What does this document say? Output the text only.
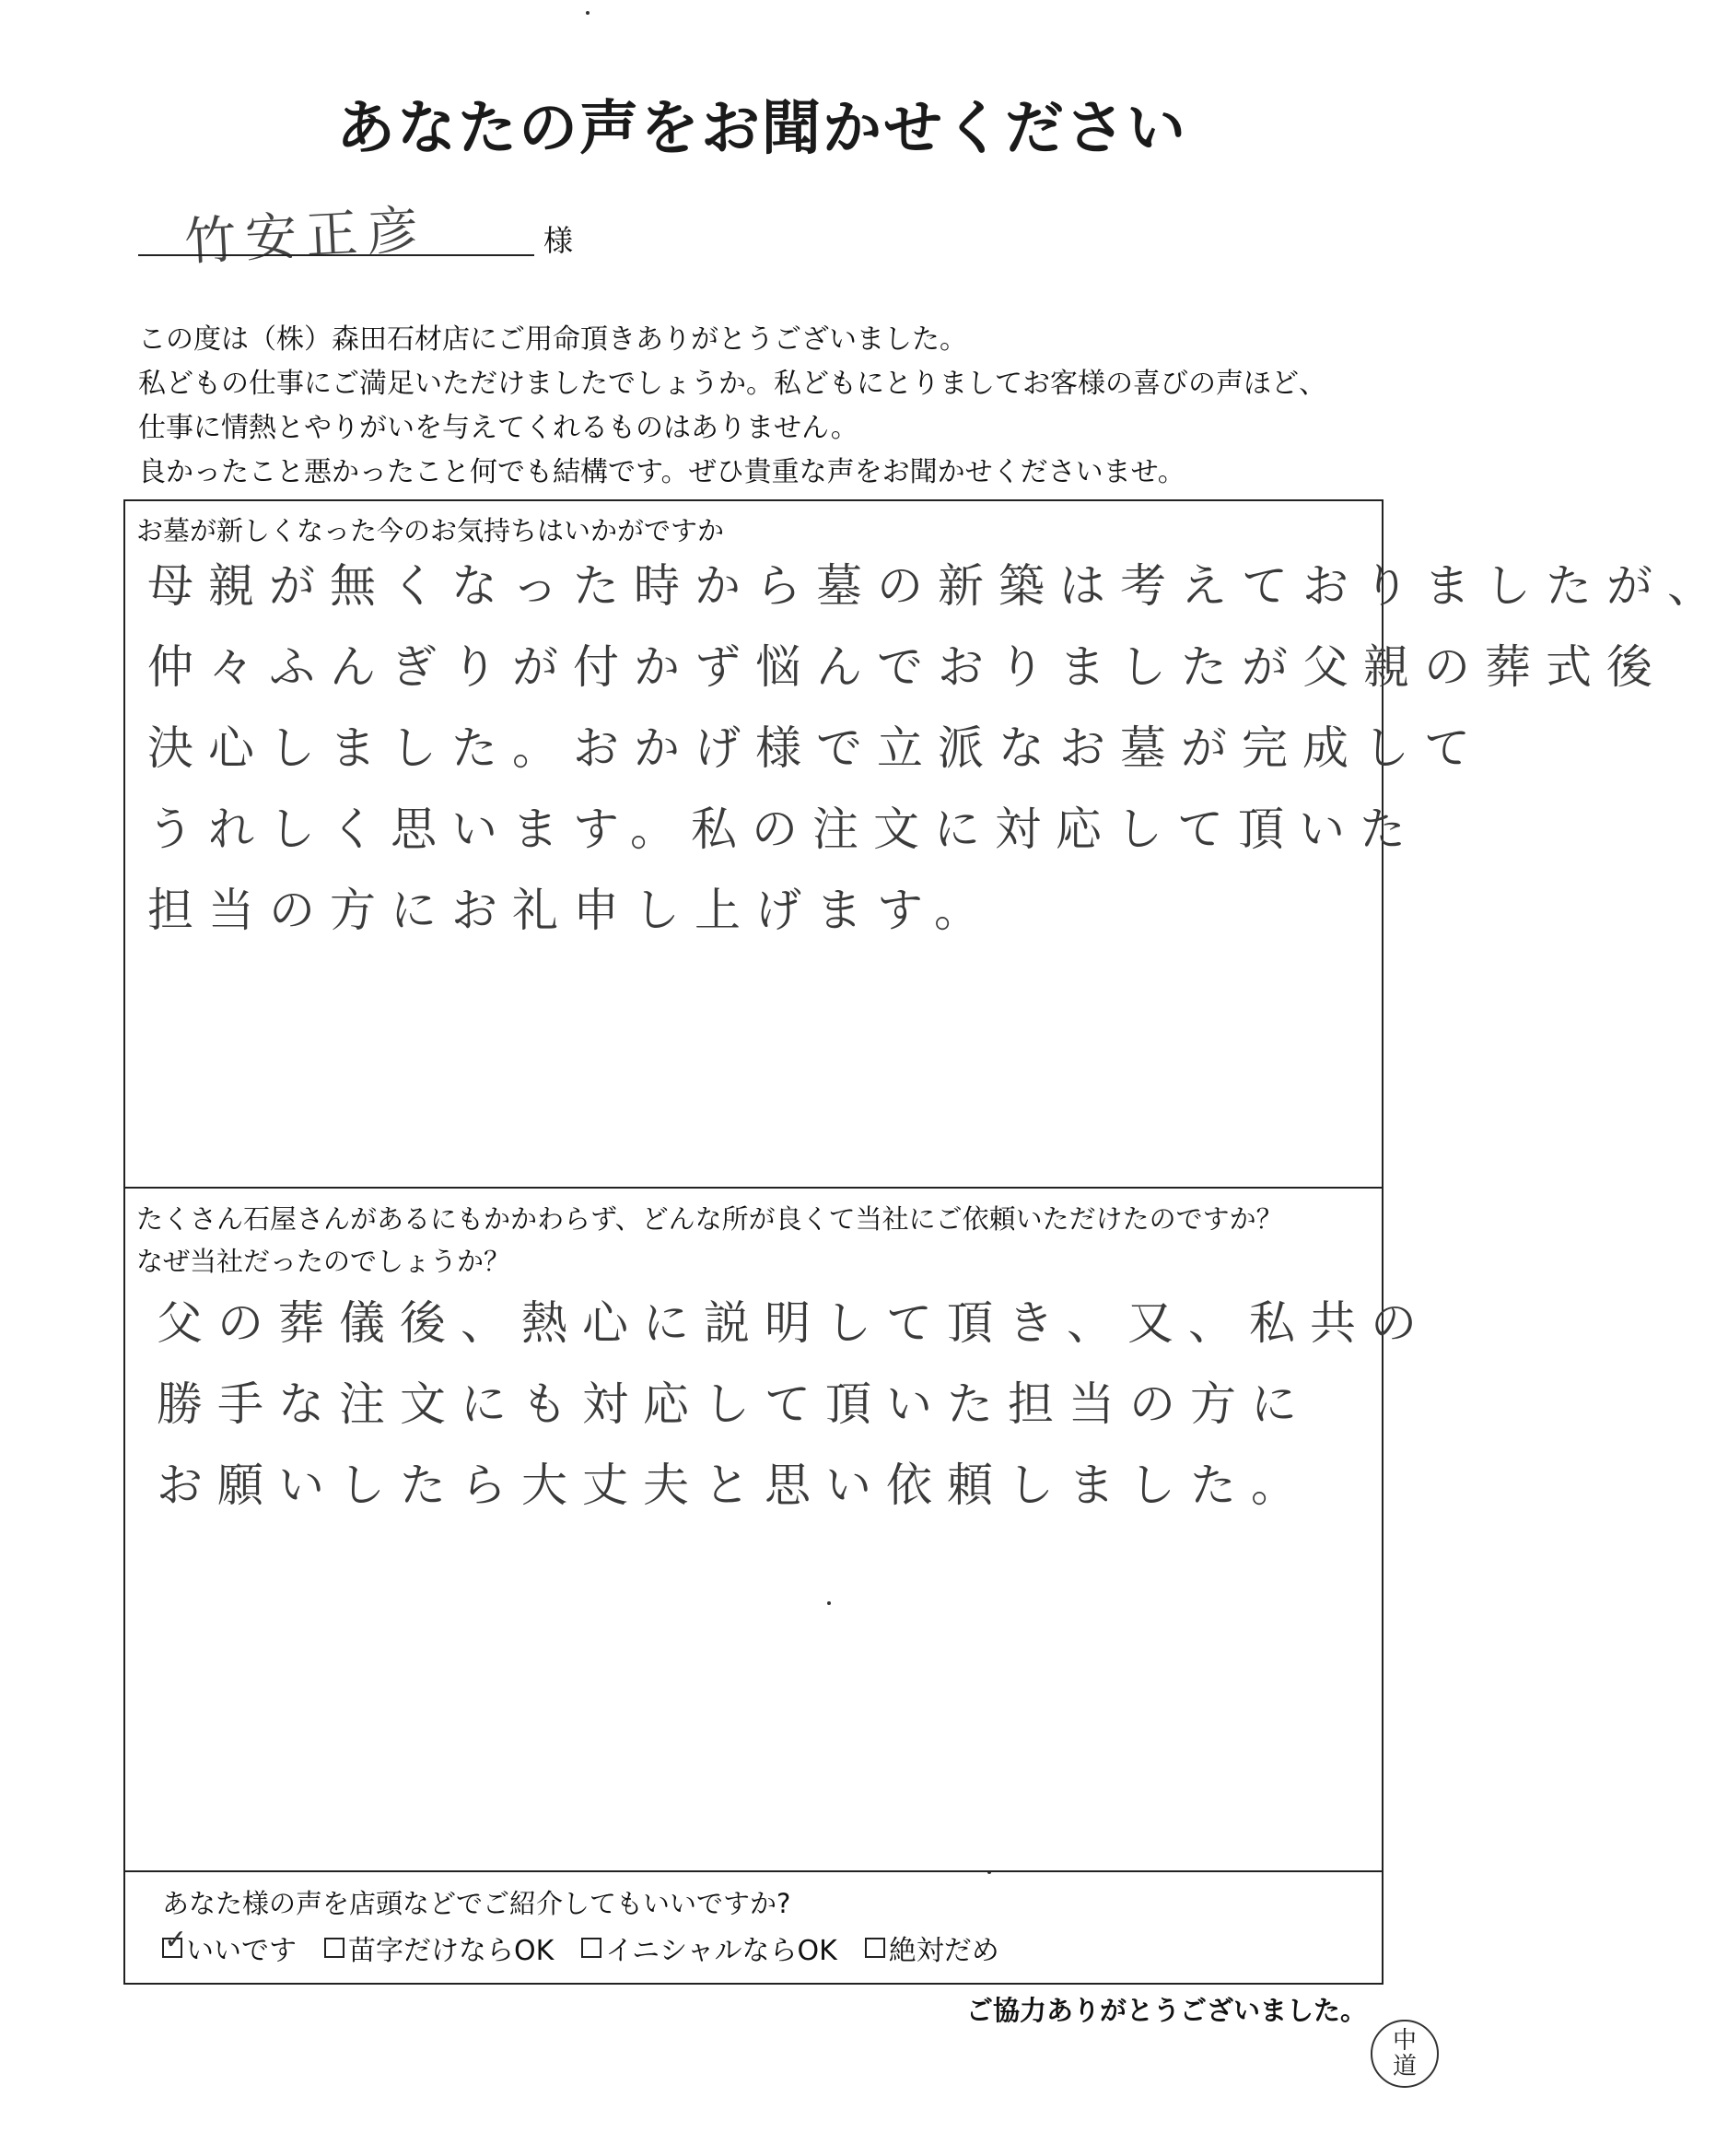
あなたの声をお聞かせください
竹安正彦	様
この度は（株）森田石材店にご用命頂きありがとうございました。
私どもの仕事にご満足いただけましたでしょうか。私どもにとりましてお客様の喜びの声ほど、
仕事に情熱とやりがいを与えてくれるものはありません。
良かったこと悪かったこと何でも結構です。ぜひ貴重な声をお聞かせくださいませ。
お墓が新しくなった今のお気持ちはいかがですか
母親が無くなった時から墓の新築は考えておりましたが、
仲々ふんぎりが付かず悩んでおりましたが父親の葬式後
決心しました。おかげ様で立派なお墓が完成して
うれしく思います。私の注文に対応して頂いた
担当の方にお礼申し上げます。
たくさん石屋さんがあるにもかかわらず、どんな所が良くて当社にご依頼いただけたのですか？
なぜ当社だったのでしょうか？
父の葬儀後、熱心に説明して頂き、又、私共の
勝手な注文にも対応して頂いた担当の方に
お願いしたら大丈夫と思い依頼しました。
あなた様の声を店頭などでご紹介してもいいですか?
✓
いいです 苗字だけならOK イニシャルならOK 絶対だめ
ご協力ありがとうございました。
中
道
